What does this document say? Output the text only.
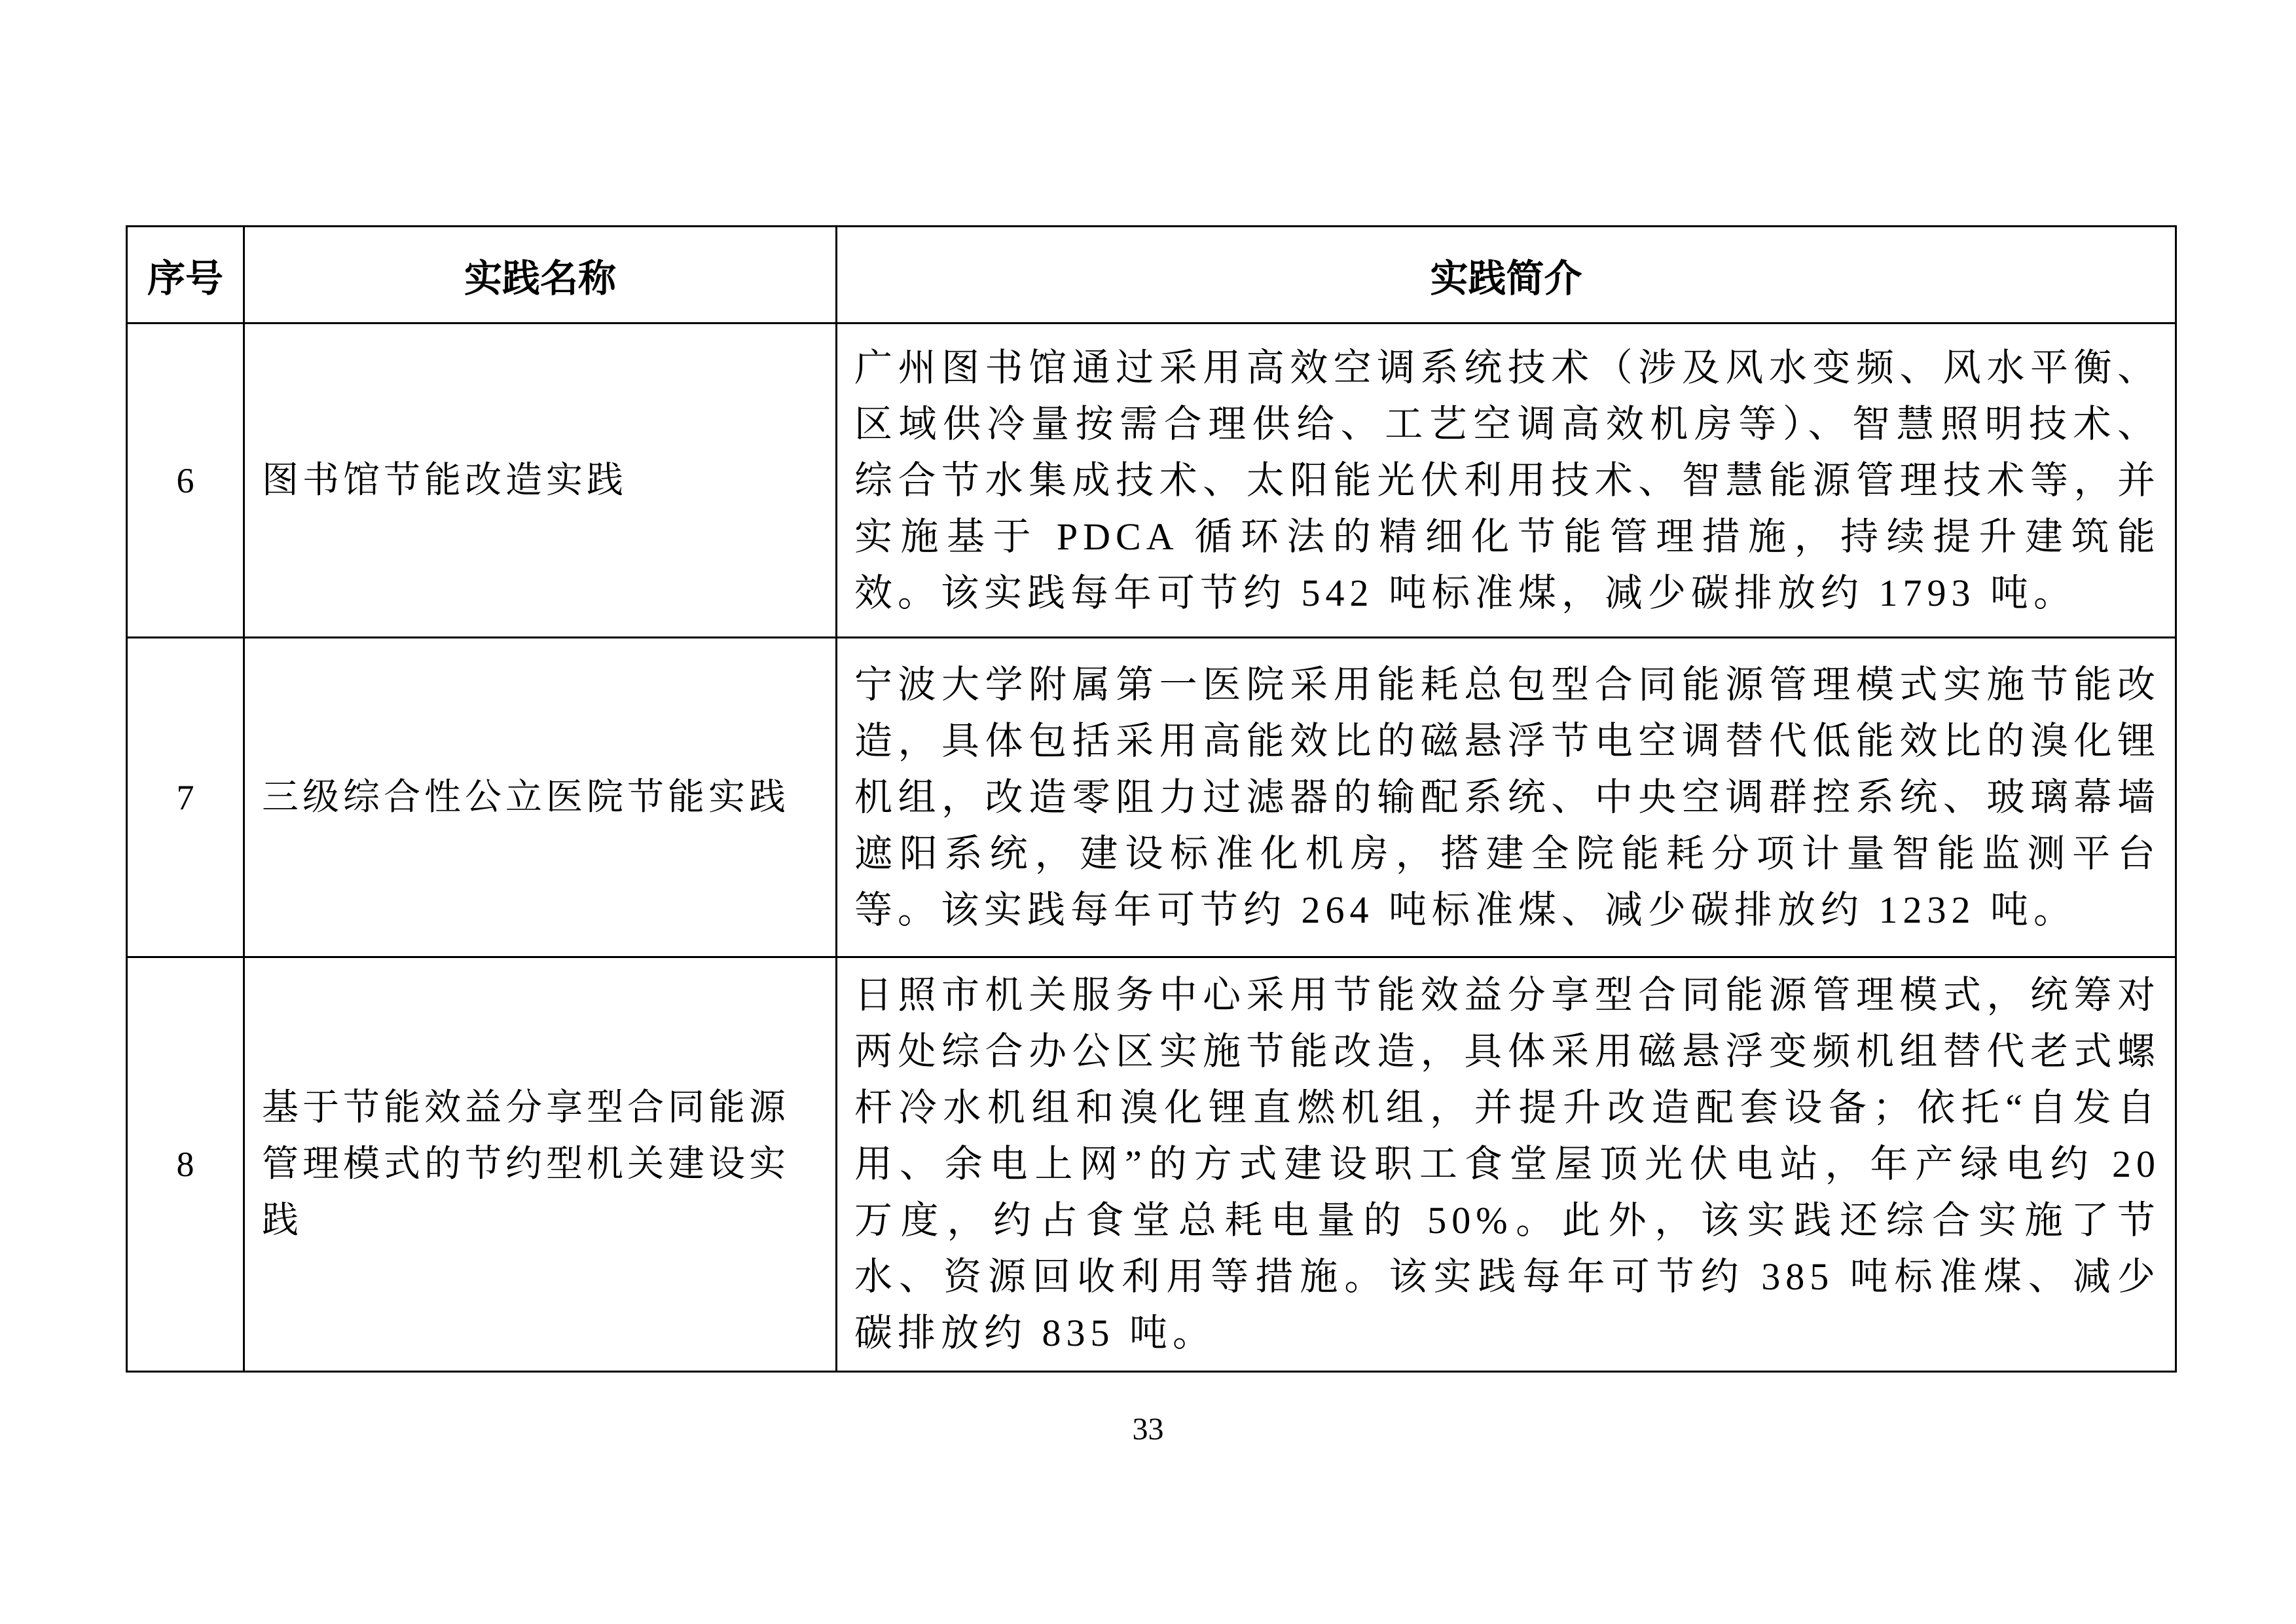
序号	实践名称	实践简介
6	图书馆节能改造实践	广州图书馆通过采用高效空调系统技术（涉及风水变频、风水平衡、区域供冷量按需合理供给、工艺空调高效机房等）、智慧照明技术、综合节水集成技术、太阳能光伏利用技术、智慧能源管理技术等，并实施基于 PDCA 循环法的精细化节能管理措施，持续提升建筑能效。该实践每年可节约 542 吨标准煤，减少碳排放约 1793 吨。
7	三级综合性公立医院节能实践	宁波大学附属第一医院采用能耗总包型合同能源管理模式实施节能改造，具体包括采用高能效比的磁悬浮节电空调替代低能效比的溴化锂机组，改造零阻力过滤器的输配系统、中央空调群控系统、玻璃幕墙遮阳系统，建设标准化机房，搭建全院能耗分项计量智能监测平台等。该实践每年可节约 264 吨标准煤、减少碳排放约 1232 吨。
8	基于节能效益分享型合同能源管理模式的节约型机关建设实践	日照市机关服务中心采用节能效益分享型合同能源管理模式，统筹对两处综合办公区实施节能改造，具体采用磁悬浮变频机组替代老式螺杆冷水机组和溴化锂直燃机组，并提升改造配套设备；依托“自发自用、余电上网”的方式建设职工食堂屋顶光伏电站，年产绿电约 20 万度，约占食堂总耗电量的 50%。此外，该实践还综合实施了节水、资源回收利用等措施。该实践每年可节约 385 吨标准煤、减少碳排放约 835 吨。
33
